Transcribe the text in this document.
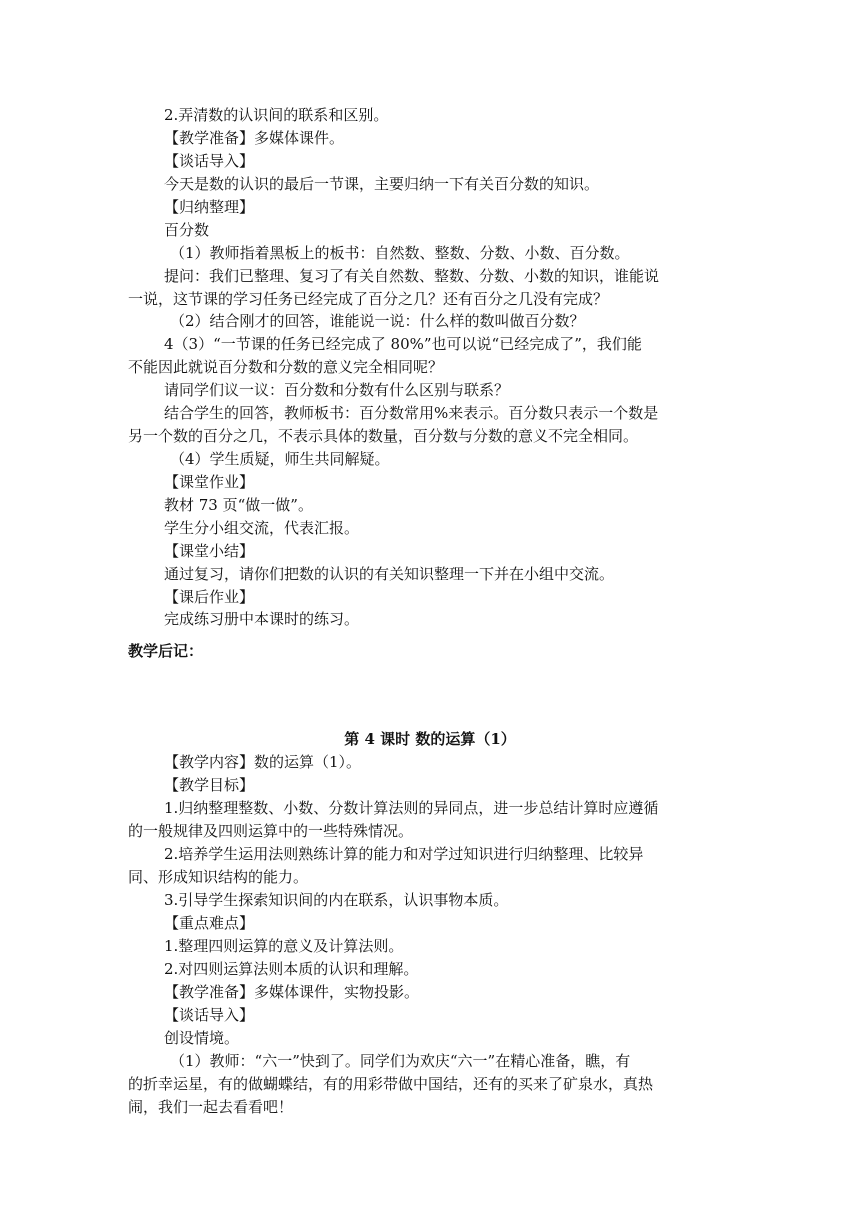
2.弄清数的认识间的联系和区别。
【教学准备】多媒体课件。
【谈话导入】
今天是数的认识的最后一节课，主要归纳一下有关百分数的知识。
【归纳整理】
百分数
（1）教师指着黑板上的板书：自然数、整数、分数、小数、百分数。
提问：我们已整理、复习了有关自然数、整数、分数、小数的知识，谁能说
一说，这节课的学习任务已经完成了百分之几？还有百分之几没有完成？
（2）结合刚才的回答，谁能说一说：什么样的数叫做百分数？
4（3）“一节课的任务已经完成了 80%”也可以说“已经完成了”，我们能
不能因此就说百分数和分数的意义完全相同呢？
请同学们议一议：百分数和分数有什么区别与联系？
结合学生的回答，教师板书：百分数常用%来表示。百分数只表示一个数是
另一个数的百分之几，不表示具体的数量，百分数与分数的意义不完全相同。
（4）学生质疑，师生共同解疑。
【课堂作业】
教材 73 页“做一做”。
学生分小组交流，代表汇报。
【课堂小结】
通过复习，请你们把数的认识的有关知识整理一下并在小组中交流。
【课后作业】
完成练习册中本课时的练习。
教学后记：
第 4 课时 数的运算（1）
【教学内容】数的运算（1）。
【教学目标】
1.归纳整理整数、小数、分数计算法则的异同点，进一步总结计算时应遵循
的一般规律及四则运算中的一些特殊情况。
2.培养学生运用法则熟练计算的能力和对学过知识进行归纳整理、比较异
同、形成知识结构的能力。
3.引导学生探索知识间的内在联系，认识事物本质。
【重点难点】
1.整理四则运算的意义及计算法则。
2.对四则运算法则本质的认识和理解。
【教学准备】多媒体课件，实物投影。
【谈话导入】
创设情境。
（1）教师：“六一”快到了。同学们为欢庆“六一”在精心准备，瞧，有
的折幸运星，有的做蝴蝶结，有的用彩带做中国结，还有的买来了矿泉水，真热
闹，我们一起去看看吧！
